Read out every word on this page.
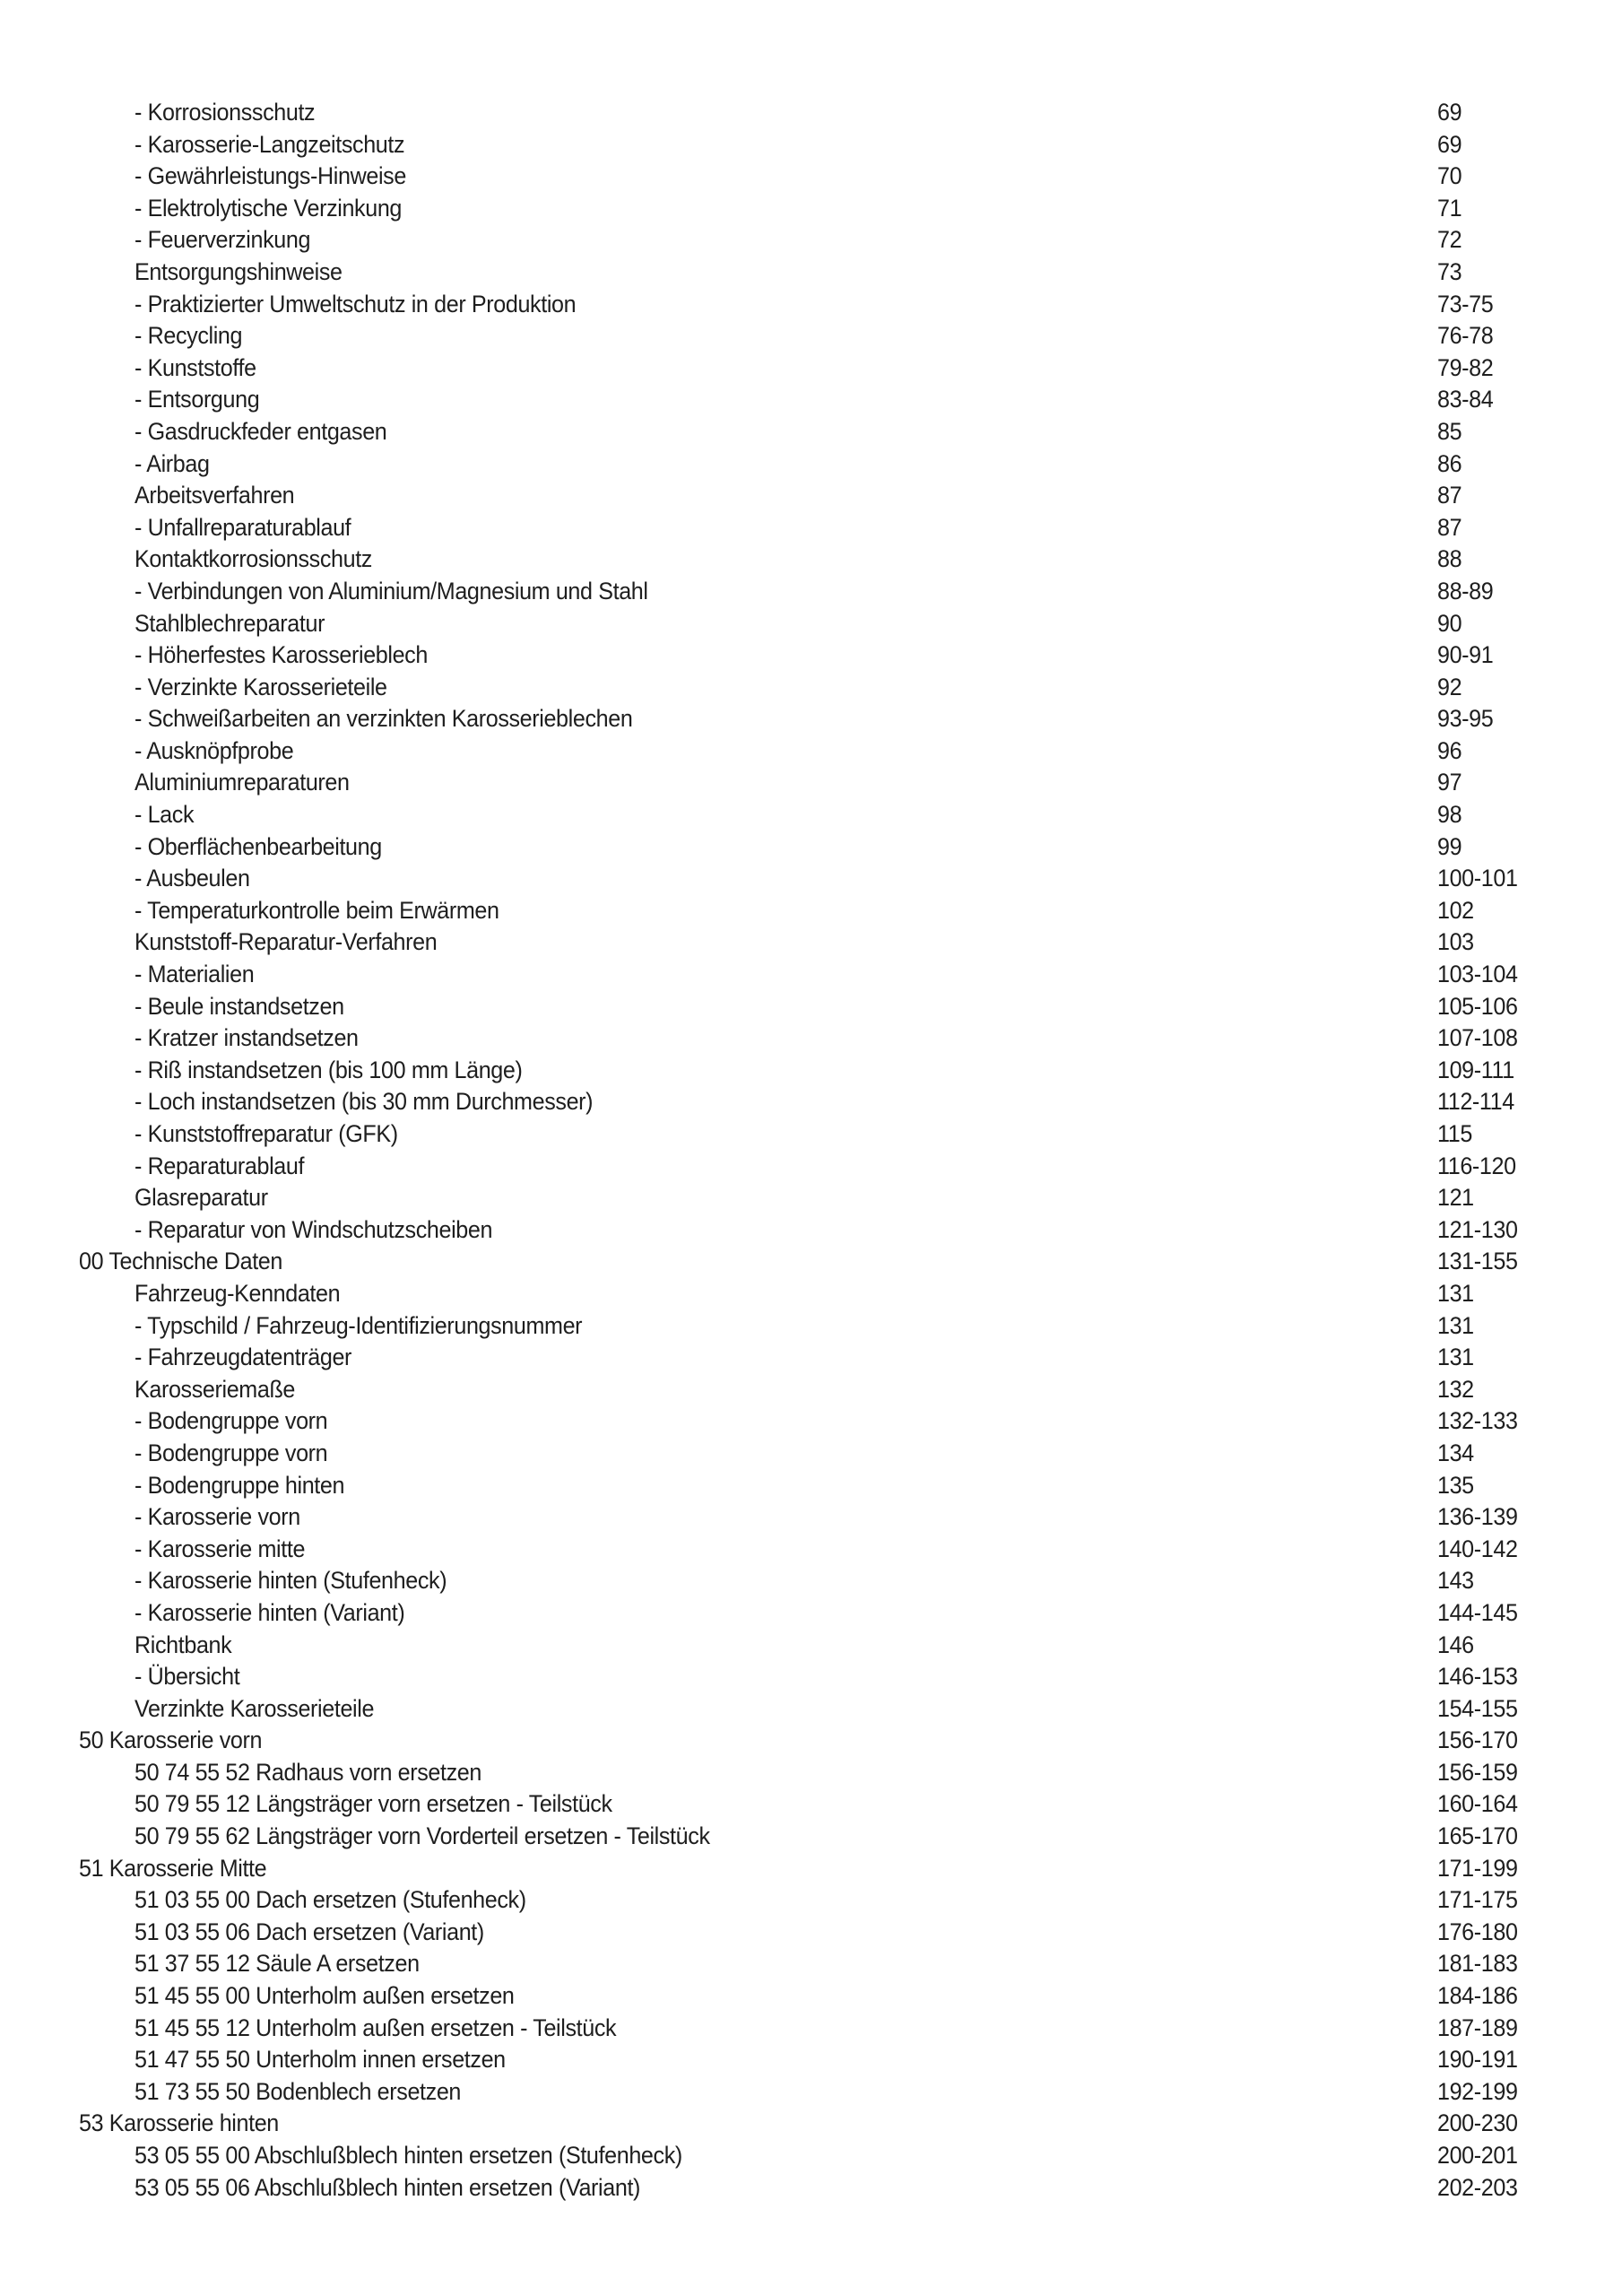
- Korrosionsschutz	69
- Karosserie-Langzeitschutz	69
- Gewährleistungs-Hinweise	70
- Elektrolytische Verzinkung	71
- Feuerverzinkung	72
Entsorgungshinweise	73
- Praktizierter Umweltschutz in der Produktion	73-75
- Recycling	76-78
- Kunststoffe	79-82
- Entsorgung	83-84
- Gasdruckfeder entgasen	85
- Airbag	86
Arbeitsverfahren	87
- Unfallreparaturablauf	87
Kontaktkorrosionsschutz	88
- Verbindungen von Aluminium/Magnesium und Stahl	88-89
Stahlblechreparatur	90
- Höherfestes Karosserieblech	90-91
- Verzinkte Karosserieteile	92
- Schweißarbeiten an verzinkten Karosserieblechen	93-95
- Ausknöpfprobe	96
Aluminiumreparaturen	97
- Lack	98
- Oberflächenbearbeitung	99
- Ausbeulen	100-101
- Temperaturkontrolle beim Erwärmen	102
Kunststoff-Reparatur-Verfahren	103
- Materialien	103-104
- Beule instandsetzen	105-106
- Kratzer instandsetzen	107-108
- Riß instandsetzen (bis 100 mm Länge)	109-111
- Loch instandsetzen (bis 30 mm Durchmesser)	112-114
- Kunststoffreparatur (GFK)	115
- Reparaturablauf	116-120
Glasreparatur	121
- Reparatur von Windschutzscheiben	121-130
00 Technische Daten	131-155
Fahrzeug-Kenndaten	131
- Typschild / Fahrzeug-Identifizierungsnummer	131
- Fahrzeugdatenträger	131
Karosseriemaße	132
- Bodengruppe vorn	132-133
- Bodengruppe vorn	134
- Bodengruppe hinten	135
- Karosserie vorn	136-139
- Karosserie mitte	140-142
- Karosserie hinten (Stufenheck)	143
- Karosserie hinten (Variant)	144-145
Richtbank	146
- Übersicht	146-153
Verzinkte Karosserieteile	154-155
50 Karosserie vorn	156-170
50 74 55 52 Radhaus vorn ersetzen	156-159
50 79 55 12 Längsträger vorn ersetzen - Teilstück	160-164
50 79 55 62 Längsträger vorn Vorderteil ersetzen - Teilstück	165-170
51 Karosserie Mitte	171-199
51 03 55 00 Dach ersetzen (Stufenheck)	171-175
51 03 55 06 Dach ersetzen (Variant)	176-180
51 37 55 12 Säule A ersetzen	181-183
51 45 55 00 Unterholm außen ersetzen	184-186
51 45 55 12 Unterholm außen ersetzen - Teilstück	187-189
51 47 55 50 Unterholm innen ersetzen	190-191
51 73 55 50 Bodenblech ersetzen	192-199
53 Karosserie hinten	200-230
53 05 55 00 Abschlußblech hinten ersetzen (Stufenheck)	200-201
53 05 55 06 Abschlußblech hinten ersetzen (Variant)	202-203
